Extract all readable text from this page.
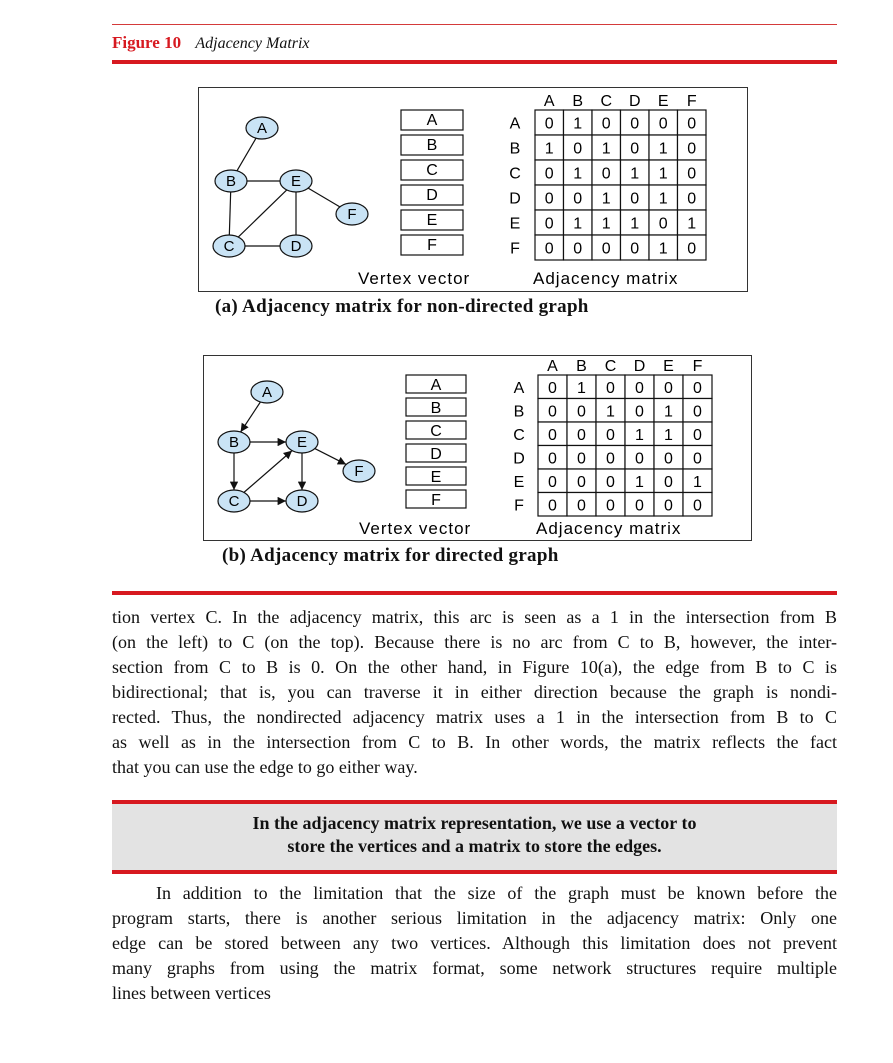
Figure 10 Adjacency Matrix
A
B
C	D
E
F
A
B
C
D
E
F
A B C D E F
A 0 1 0 0 0 0
B 1 0 1 0 1 0
C 0 1 0 1 1 0
D 0 0 1 0 1 0
E 0 1 1 1 0 1
F 0 0 0 0 1 0
Vertex vector	Adjacency matrix
(a) Adjacency matrix for non-directed graph
A
B
C	D
E
F
A
B
C
D
E
F
A B C D E F
A 0 1 0 0 0 0
B 0 0 1 0 1 0
C 0 0 0 1 1 0
D 0 0 0 0 0 0
E 0 0 0 1 0 1
F 0 0 0 0 0 0
Vertex vector	Adjacency matrix
(b) Adjacency matrix for directed graph
tion vertex C. In the adjacency matrix, this arc is seen as a 1 in the intersection from B
(on the left) to C (on the top). Because there is no arc from C to B, however, the inter-
section from C to B is 0. On the other hand, in Figure 10(a), the edge from B to C is
bidirectional; that is, you can traverse it in either direction because the graph is nondi-
rected. Thus, the nondirected adjacency matrix uses a 1 in the intersection from B to C
as well as in the intersection from C to B. In other words, the matrix reflects the fact
that you can use the edge to go either way.
In the adjacency matrix representation, we use a vector to
store the vertices and a matrix to store the edges.
In addition to the limitation that the size of the graph must be known before the
program starts, there is another serious limitation in the adjacency matrix: Only one
edge can be stored between any two vertices. Although this limitation does not prevent
many graphs from using the matrix format, some network structures require multiple
lines between vertices
